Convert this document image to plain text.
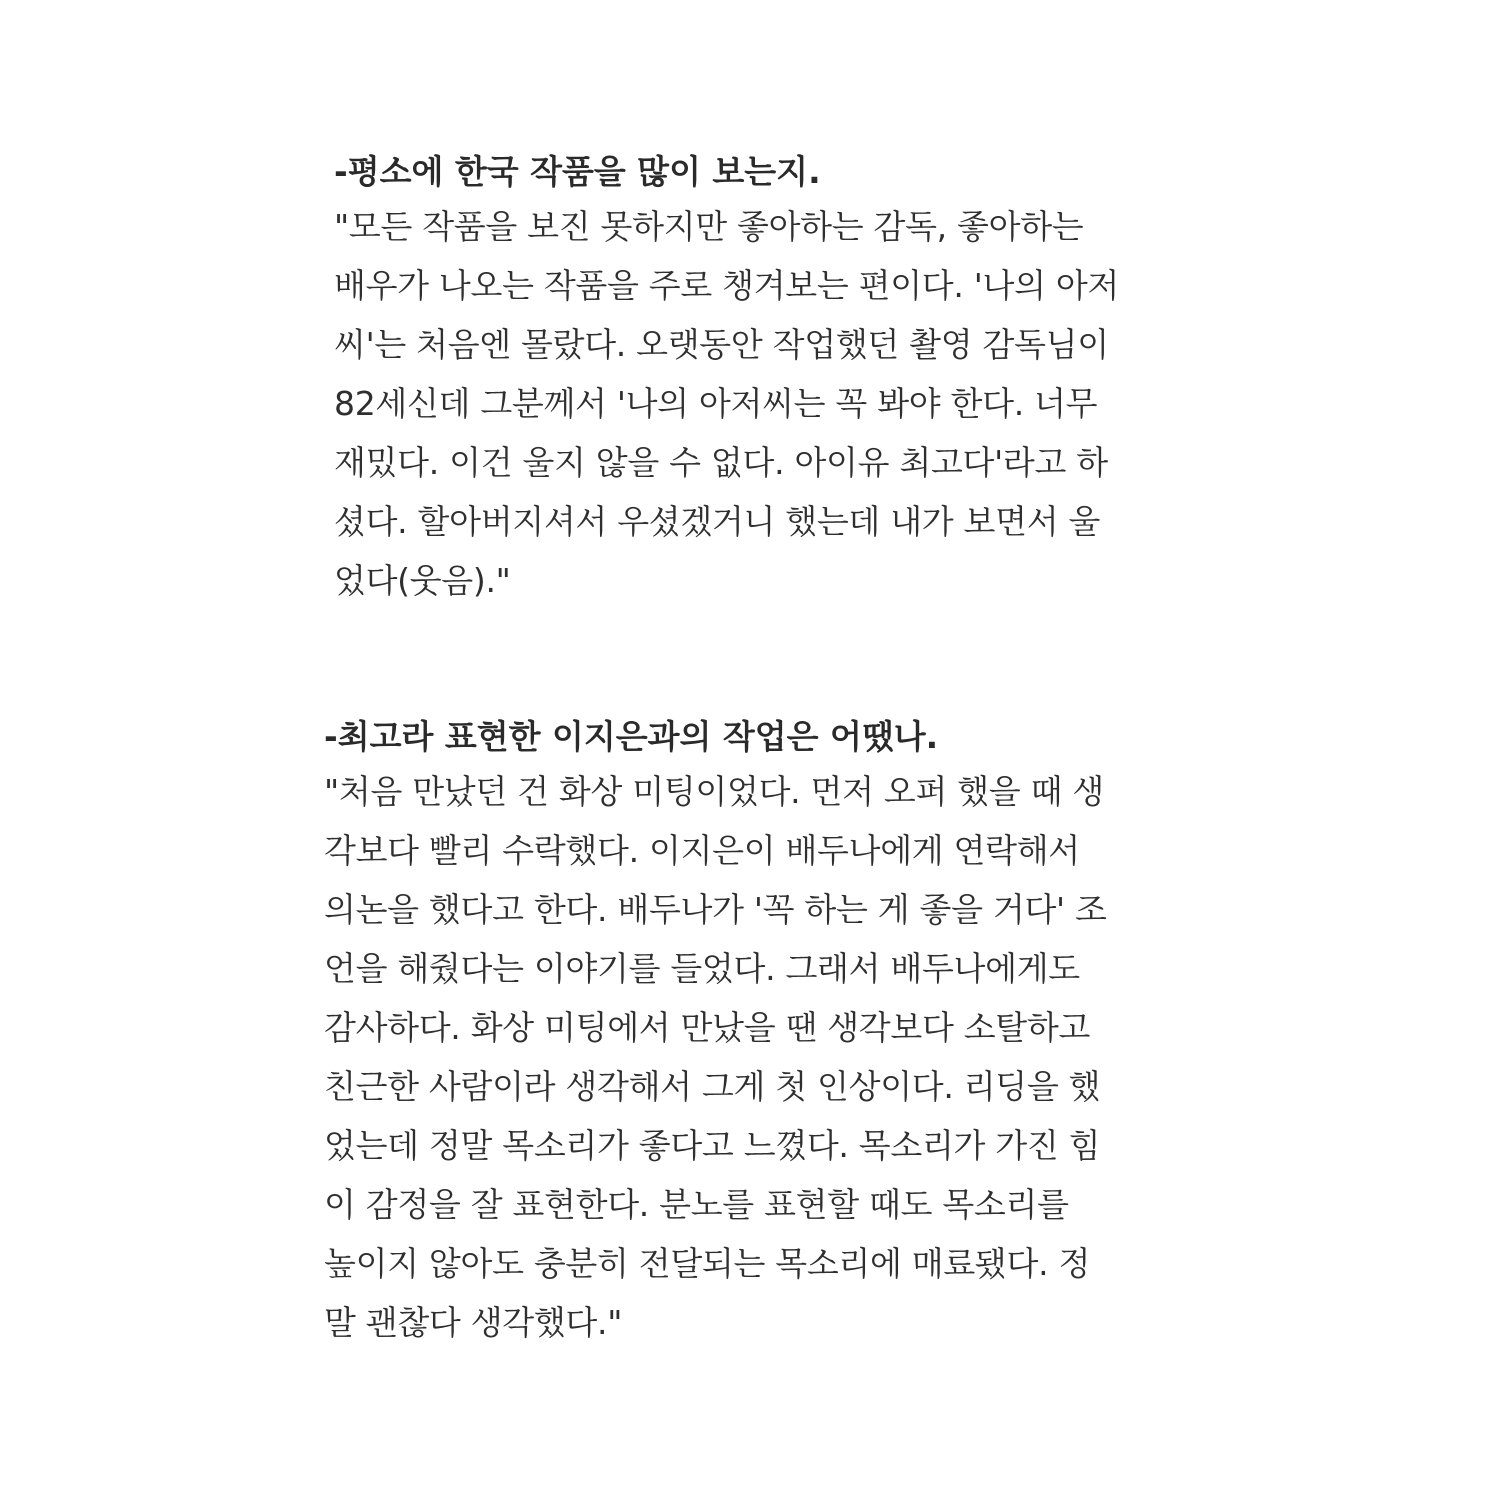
-평소에 한국 작품을 많이 보는지.

"모든 작품을 보진 못하지만 좋아하는 감독, 좋아하는
배우가 나오는 작품을 주로 챙겨보는 편이다. '나의 아저
씨'는 처음엔 몰랐다. 오랫동안 작업했던 촬영 감독님이
82세신데 그분께서 '나의 아저씨는 꼭 봐야 한다. 너무
재밌다. 이건 울지 않을 수 없다. 아이유 최고다'라고 하
셨다. 할아버지셔서 우셨겠거니 했는데 내가 보면서 울
었다(웃음)."

-최고라 표현한 이지은과의 작업은 어땠나.

"처음 만났던 건 화상 미팅이었다. 먼저 오퍼 했을 때 생
각보다 빨리 수락했다. 이지은이 배두나에게 연락해서
의논을 했다고 한다. 배두나가 '꼭 하는 게 좋을 거다' 조
언을 해줬다는 이야기를 들었다. 그래서 배두나에게도
감사하다. 화상 미팅에서 만났을 땐 생각보다 소탈하고
친근한 사람이라 생각해서 그게 첫 인상이다. 리딩을 했
었는데 정말 목소리가 좋다고 느꼈다. 목소리가 가진 힘
이 감정을 잘 표현한다. 분노를 표현할 때도 목소리를
높이지 않아도 충분히 전달되는 목소리에 매료됐다. 정
말 괜찮다 생각했다."
